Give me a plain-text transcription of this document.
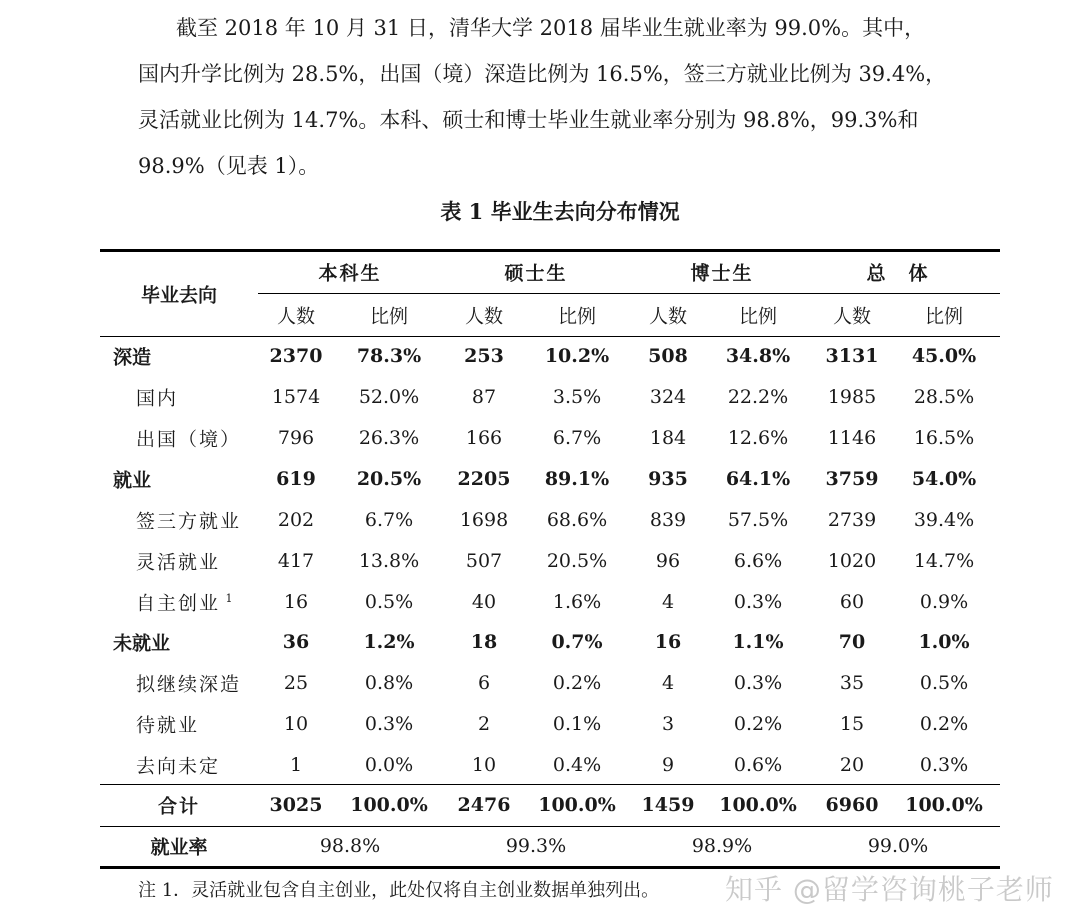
截至 2018 年 10 月 31 日，清华大学 2018 届毕业生就业率为 99.0%。其中，
国内升学比例为 28.5%，出国（境）深造比例为 16.5%，签三方就业比例为 39.4%，
灵活就业比例为 14.7%。本科、硕士和博士毕业生就业率分别为 98.8%，99.3%和
98.9%（见表 1）。
表 1 毕业生去向分布情况
毕业去向
本科生	硕士生	博士生	总　体
人数	比例	人数	比例	人数	比例	人数	比例
深造	2370 78.3% 253 10.2% 508 34.8% 3131 45.0%
国内	1574 52.0%	87	3.5%	324 22.2% 1985 28.5%
出国（境） 796 26.3% 166	6.7%	184 12.6% 1146 16.5%
就业	619 20.5% 2205 89.1% 935 64.1% 3759 54.0%
签三方就业 202	6.7% 1698 68.6% 839 57.5% 2739 39.4%
灵活就业	417 13.8% 507 20.5%	96	6.6% 1020 14.7%
自主创业 $^1$	16	0.5%	40	1.6%	4	0.3%	60	0.9%
未就业	36	1.2%	18	0.7%	16	1.1%	70	1.0%
拟继续深造 25	0.8%	6	0.2%	4	0.3%	35	0.5%
待就业	10	0.3%	2	0.1%	3	0.2%	15	0.2%
去向未定	1	0.0%	10	0.4%	9	0.6%	20	0.3%
合计	3025 100.0% 2476 100.0% 1459 100.0% 6960 100.0%
就业率	98.8%	99.3%	98.9%	99.0%
注 1．灵活就业包含自主创业，此处仅将自主创业数据单独列出。 知乎 @留学咨询桃子老师
